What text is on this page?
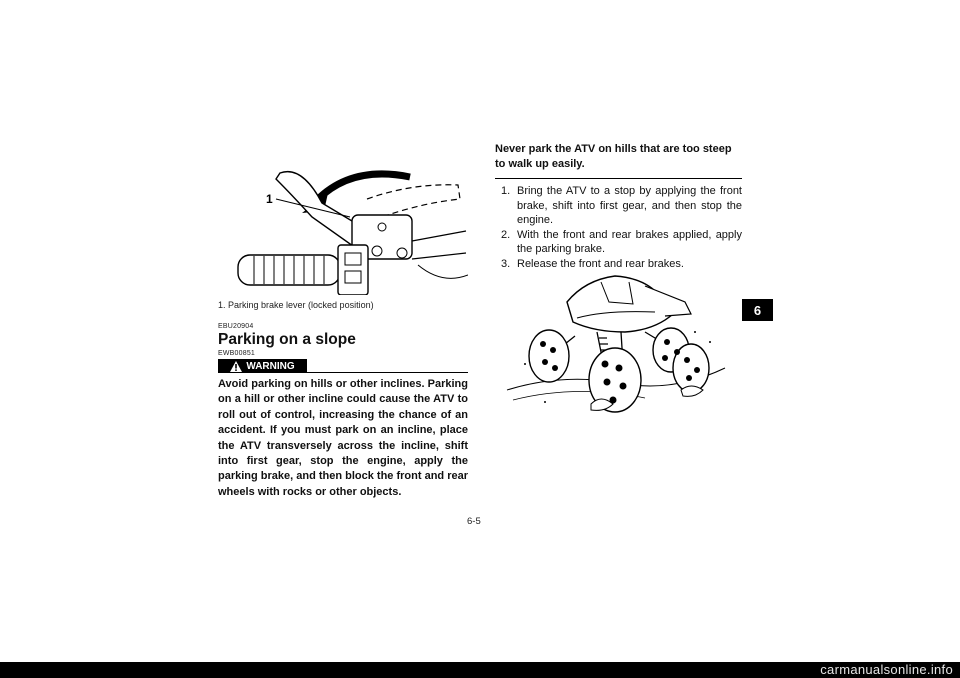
1
1. Parking brake lever (locked position)
EBU20904
Parking on a slope
EWB00851
WARNING
Avoid parking on hills or other inclines. Parking on a hill or other incline could cause the ATV to roll out of control, increasing the chance of an accident. If you must park on an incline, place the ATV transversely across the incline, shift into first gear, stop the engine, apply the parking brake, and then block the front and rear wheels with rocks or other objects.
Never park the ATV on hills that are too steep to walk up easily.
1. Bring the ATV to a stop by applying the front brake, shift into first gear, and then stop the engine.
2. With the front and rear brakes applied, apply the parking brake.
3. Release the front and rear brakes.
6
6-5
carmanualsonline.info
